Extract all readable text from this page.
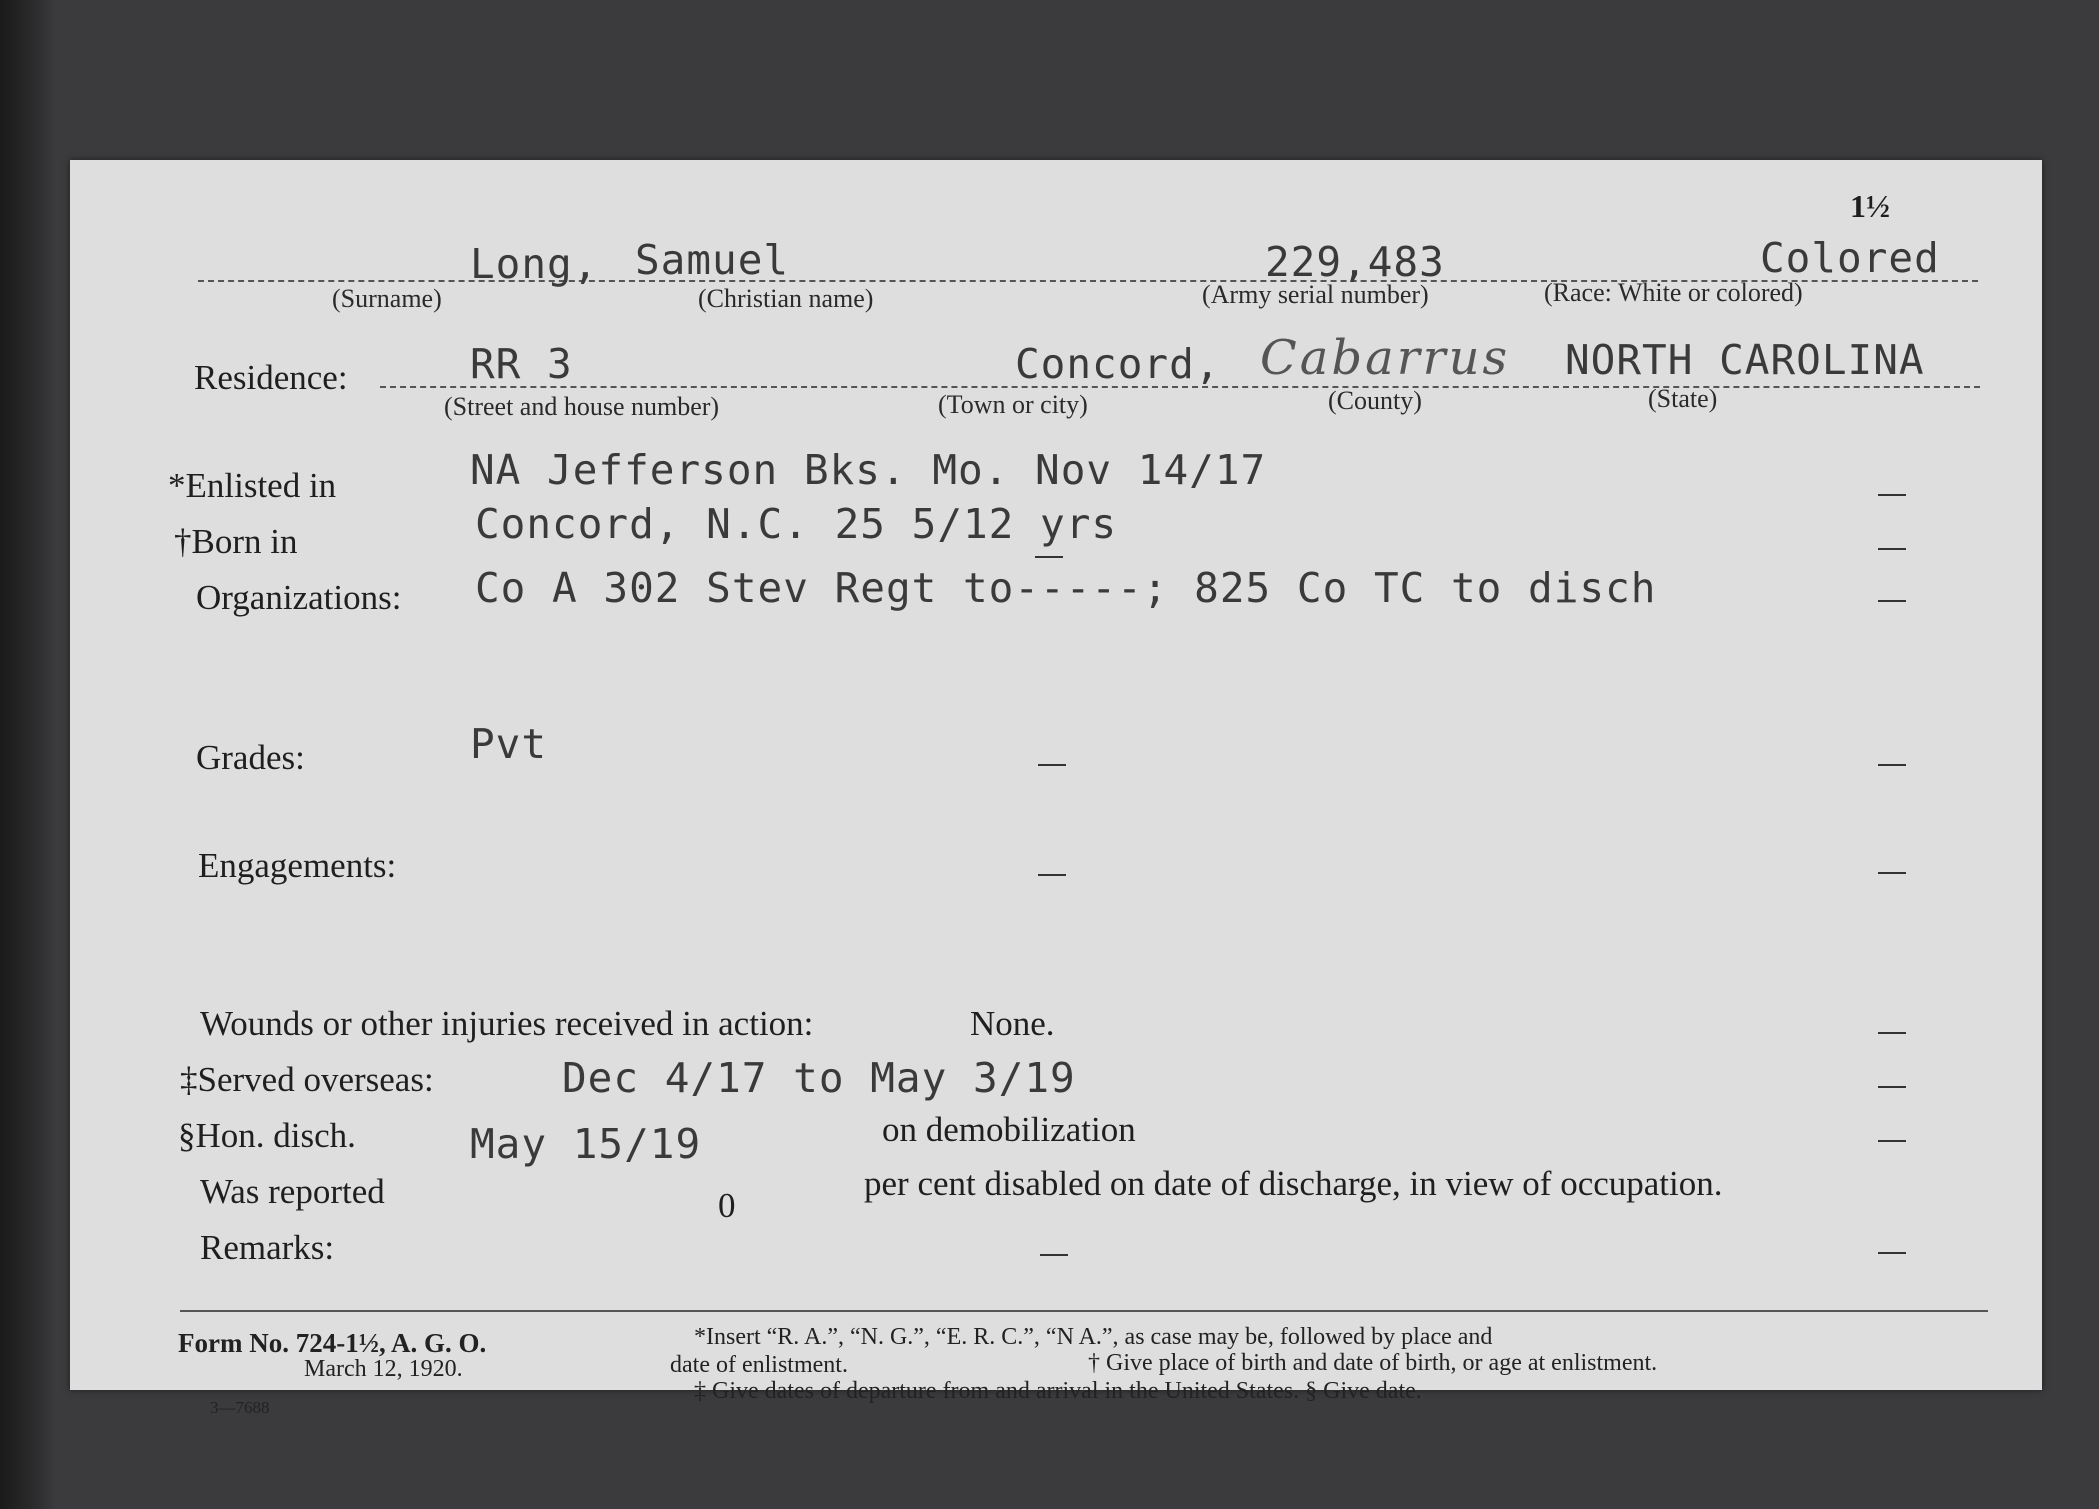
1½
Long, Samuel	229,483	Colored
(Surname)	(Christian name)	(Army serial number)	(Race: White or colored)
Residence:	RR 3	Concord, Cabarrus NORTH CAROLINA
(Street and house number)	(Town or city)	(County)	(State)
*Enlisted in	NA Jefferson Bks. Mo. Nov 14/17
†Born in	Concord, N.C. 25 5/12 yrs
Organizations: Co A 302 Stev Regt to-----; 825 Co TC to disch
Grades:	Pvt
Engagements:
Wounds or other injuries received in action:	None.
‡Served overseas:	Dec 4/17 to May 3/19
§Hon. disch.	May 15/19	on demobilization
Was reported	0
per cent disabled on date of discharge, in view of occupation.
Remarks:
Form No. 724-1½, A. G. O.
March 12, 1920.
3—7688
*Insert “R. A.”, “N. G.”, “E. R. C.”, “N A.”, as case may be, followed by place and
date of enlistment.	† Give place of birth and date of birth, or age at enlistment.
‡ Give dates of departure from and arrival in the United States. § Give date.
